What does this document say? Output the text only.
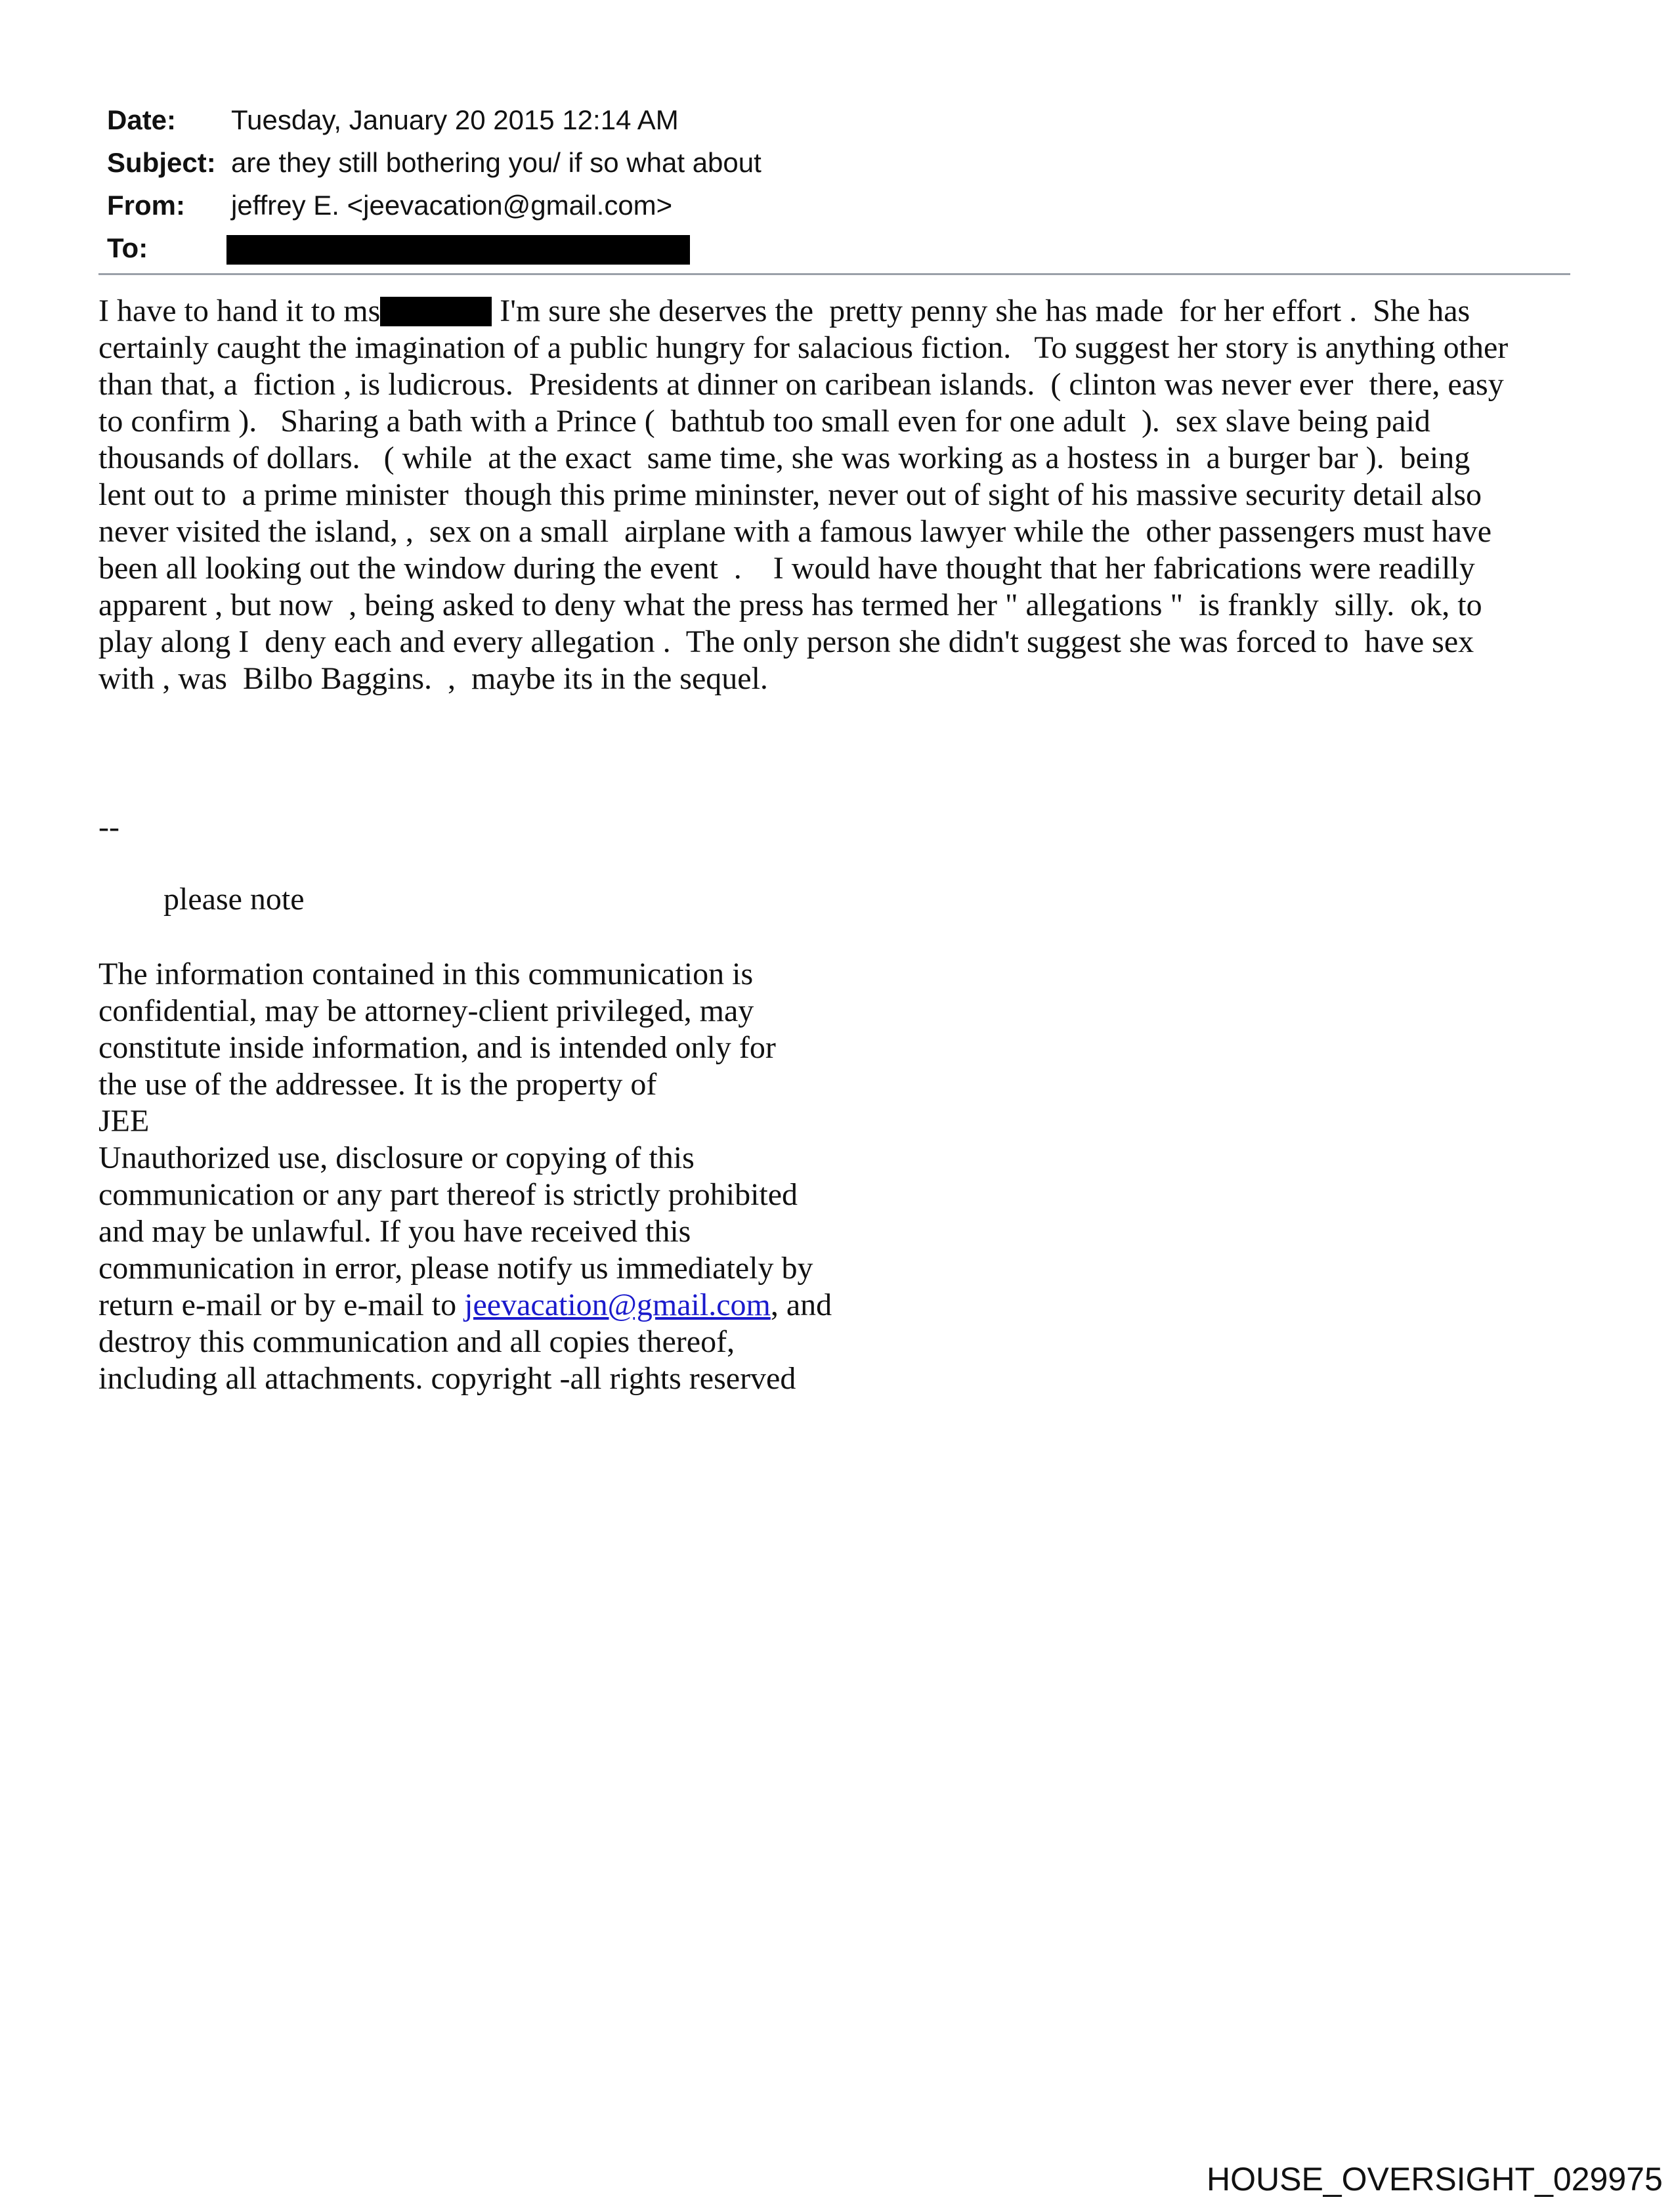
Date: Tuesday, January 20 2015 12:14 AM
Subject: are they still bothering you/ if so what about
From: jeffrey E. <jeevacation@gmail.com>
To:
I have to hand it to ms	I'm sure she deserves the  pretty penny she has made  for her effort .  She has
certainly caught the imagination of a public hungry for salacious fiction.   To suggest her story is anything other
than that, a  fiction , is ludicrous.  Presidents at dinner on caribean islands.  ( clinton was never ever  there, easy
to confirm ).   Sharing a bath with a Prince (  bathtub too small even for one adult  ).  sex slave being paid
thousands of dollars.   ( while  at the exact  same time, she was working as a hostess in  a burger bar ).  being
lent out to  a prime minister  though this prime mininster, never out of sight of his massive security detail also
never visited the island, ,  sex on a small  airplane with a famous lawyer while the  other passengers must have
been all looking out the window during the event  .    I would have thought that her fabrications were readilly
apparent , but now  , being asked to deny what the press has termed her " allegations "  is frankly  silly.  ok, to
play along I  deny each and every allegation .  The only person she didn't suggest she was forced to  have sex
with , was  Bilbo Baggins.  ,  maybe its in the sequel.
--
please note
The information contained in this communication is
confidential, may be attorney-client privileged, may
constitute inside information, and is intended only for
the use of the addressee. It is the property of
JEE
Unauthorized use, disclosure or copying of this
communication or any part thereof is strictly prohibited
and may be unlawful. If you have received this
communication in error, please notify us immediately by
return e-mail or by e-mail to jeevacation@gmail.com, and
destroy this communication and all copies thereof,
including all attachments. copyright -all rights reserved
HOUSE_OVERSIGHT_029975
